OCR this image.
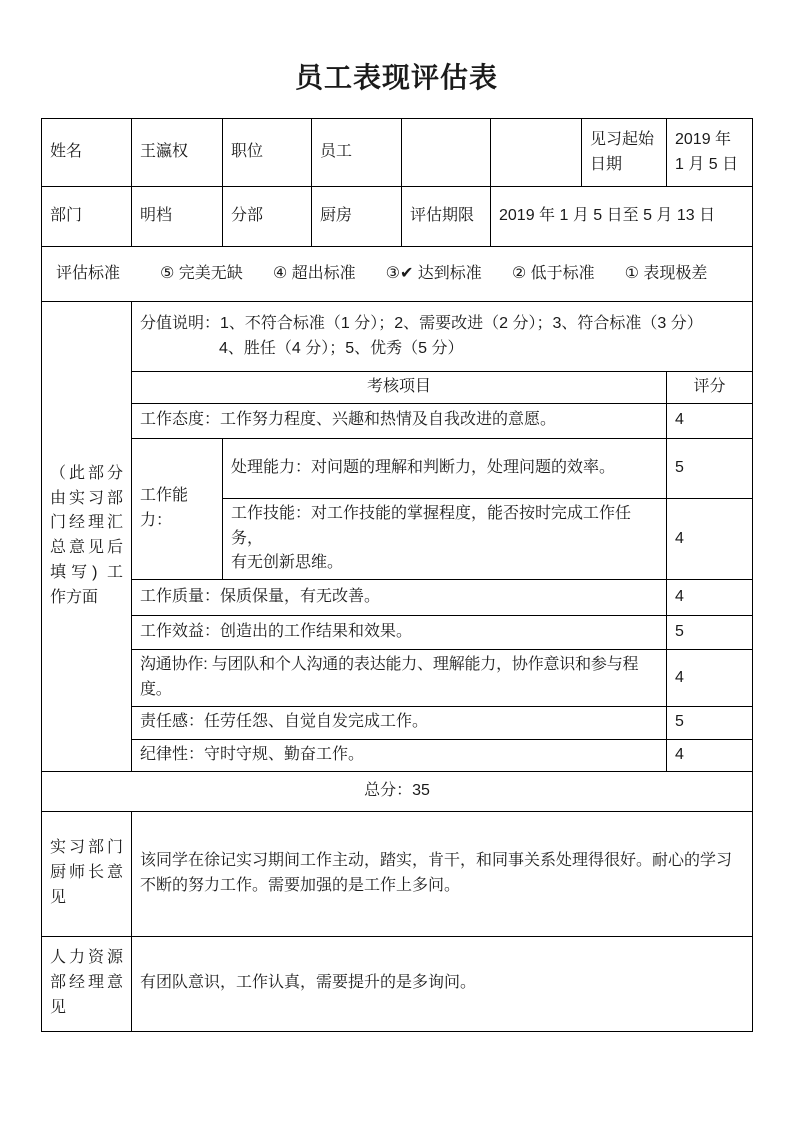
员工表现评估表
姓名	王瀛权	职位	员工			见习起始日期	2019 年 1 月 5 日
部门	明档	分部	厨房	评估期限	2019 年 1 月 5 日至 5 月 13 日		

评估标准	⑤ 完美无缺 ④ 超出标准 ③✔ 达到标准 ② 低于标准 ① 表现极差

（此部分由实习部门经理汇总意见后填写) 工作方面	分值说明：1、不符合标准（1 分）；2、需要改进（2 分）；3、符合标准（3 分）
4、胜任（4 分）；5、优秀（5 分）						

	考核项目						评分
	工作态度：工作努力程度、兴趣和热情及自我改进的意愿。						4
	工作能力：	处理能力：对问题的理解和判断力，处理问题的效率。					5
		工作技能：对工作技能的掌握程度，能否按时完成工作任务，
有无创新思维。					4
	工作质量：保质保量，有无改善。						4
	工作效益：创造出的工作结果和效果。						5
	沟通协作: 与团队和个人沟通的表达能力、理解能力，协作意识和参与程度。						4
	责任感：任劳任怨、自觉自发完成工作。						5
	纪律性：守时守规、勤奋工作。						4
总分：35							
实习部门厨师长意见	该同学在徐记实习期间工作主动，踏实，肯干，和同事关系处理得很好。耐心的学习不断的努力工作。需要加强的是工作上多问。						
人力资源部经理意见	有团队意识，工作认真，需要提升的是多询问。						
